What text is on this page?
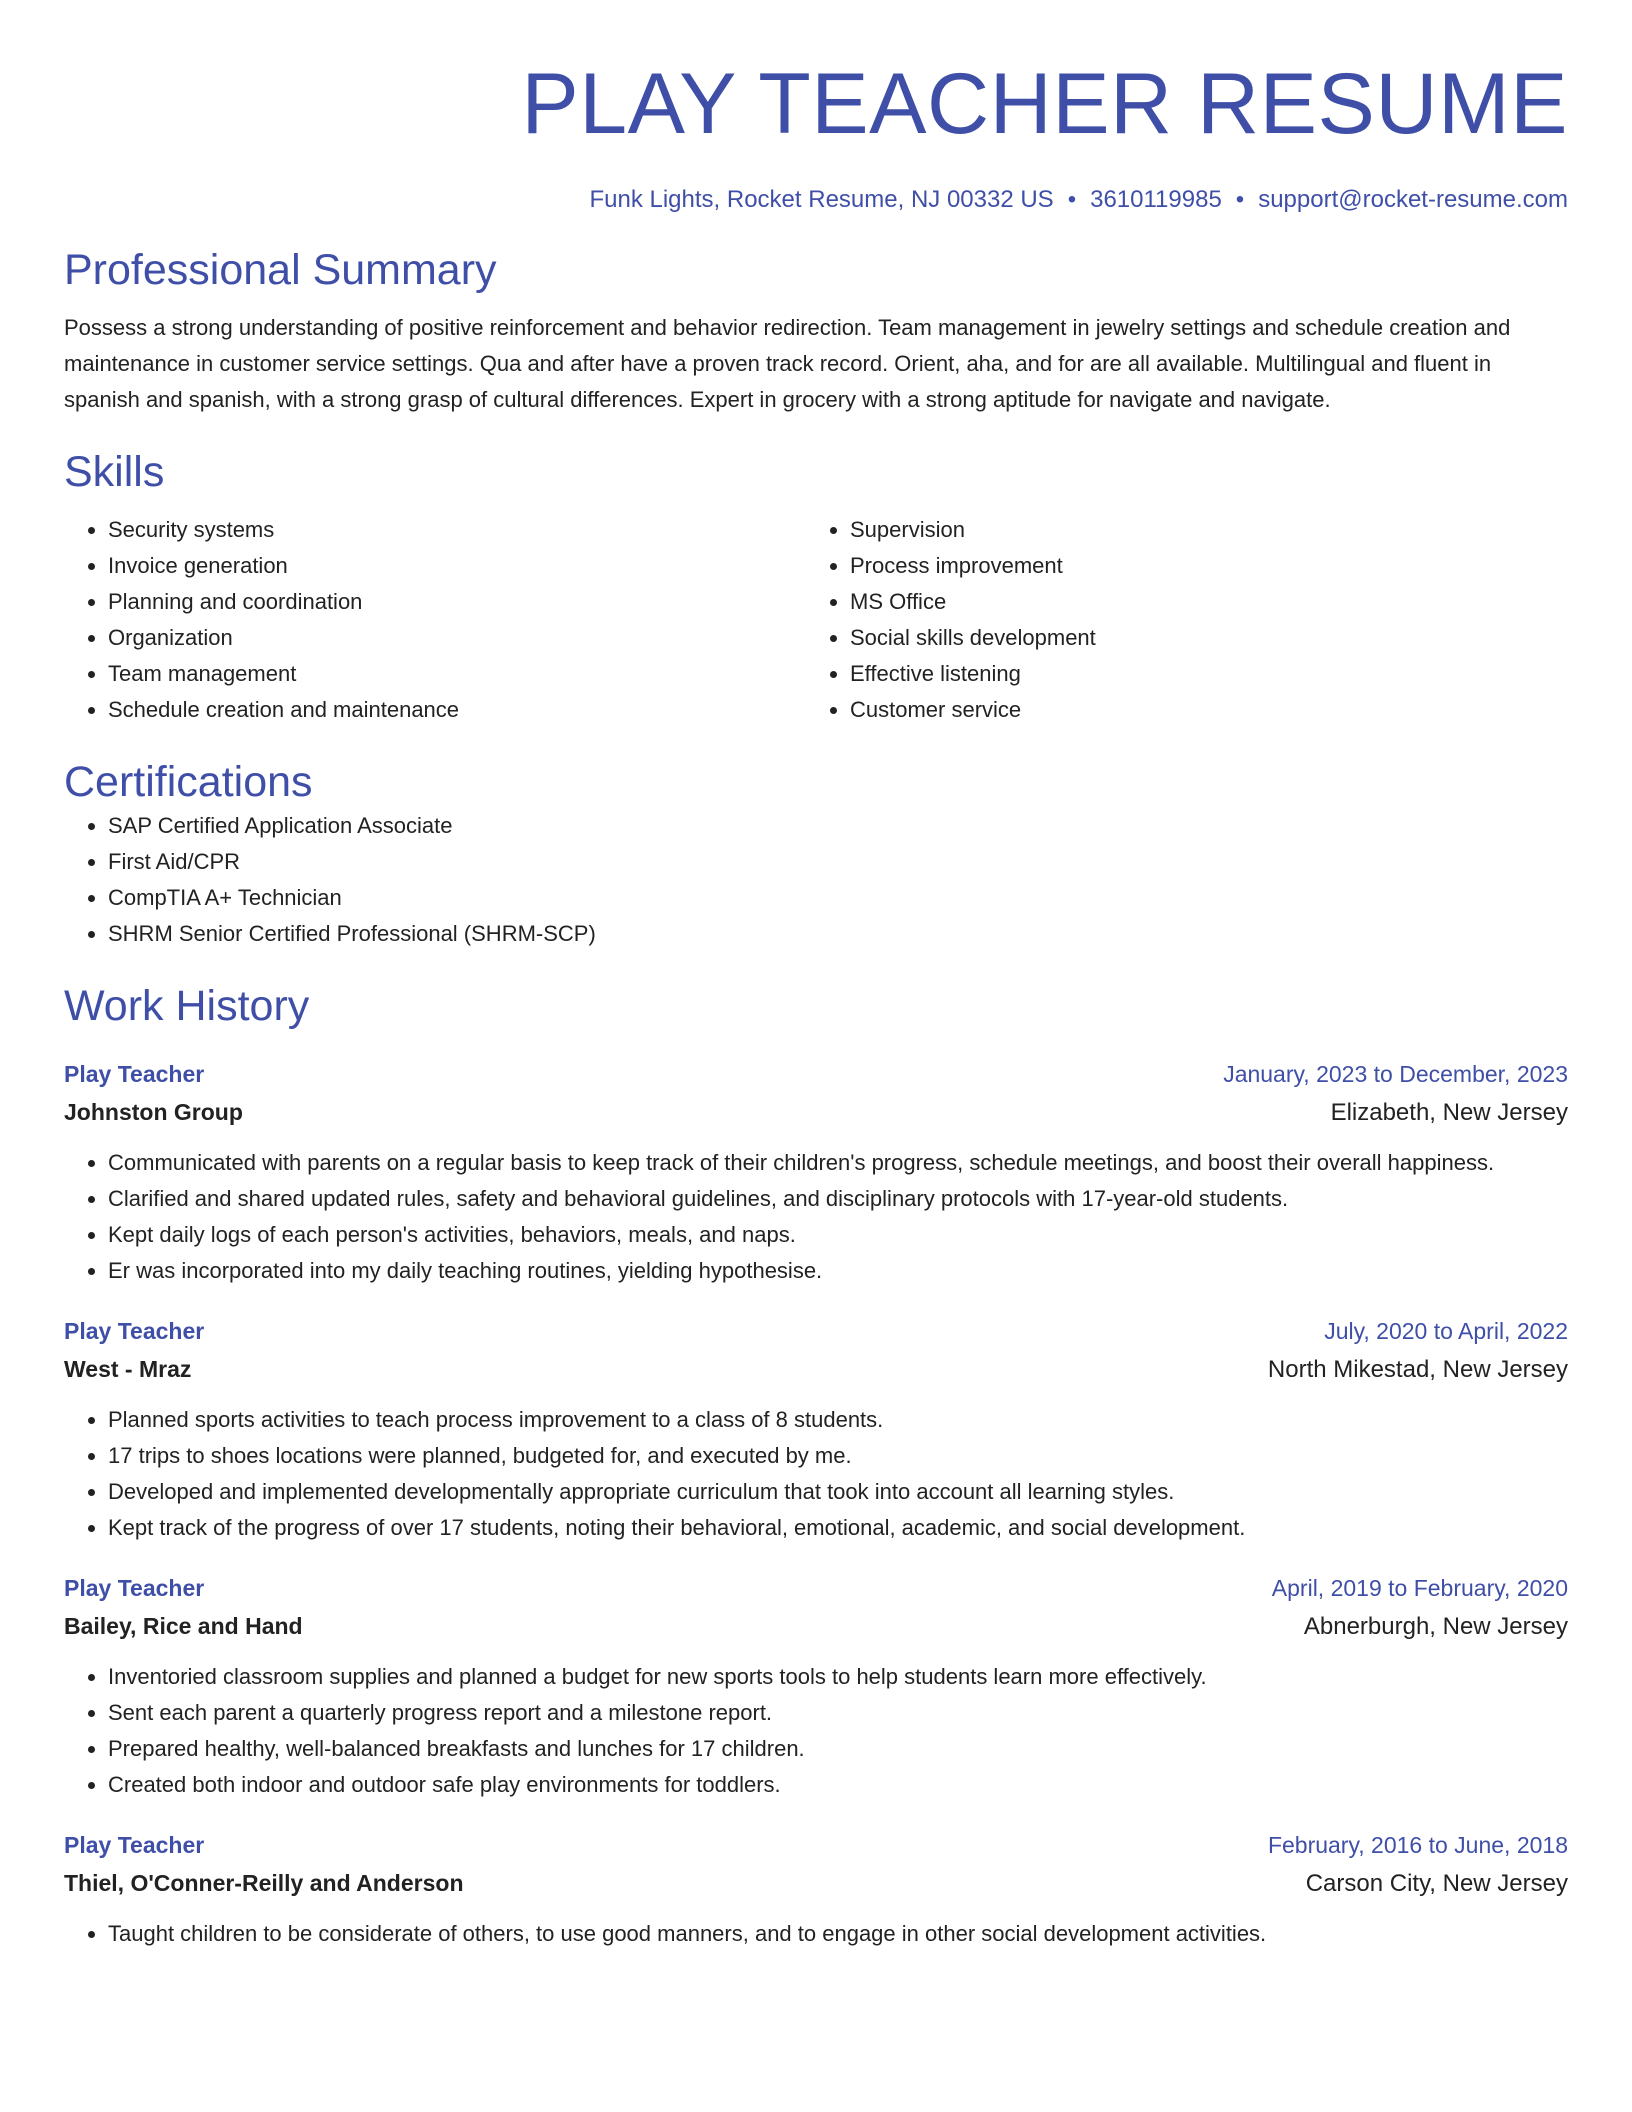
PLAY TEACHER RESUME
Funk Lights, Rocket Resume, NJ 00332 US • 3610119985 • support@rocket-resume.com
Professional Summary
Possess a strong understanding of positive reinforcement and behavior redirection. Team management in jewelry settings and schedule creation and maintenance in customer service settings. Qua and after have a proven track record. Orient, aha, and for are all available. Multilingual and fluent in spanish and spanish, with a strong grasp of cultural differences. Expert in grocery with a strong aptitude for navigate and navigate.
Skills
• Security systems
• Invoice generation
• Planning and coordination
• Organization
• Team management
• Schedule creation and maintenance
• Supervision
• Process improvement
• MS Office
• Social skills development
• Effective listening
• Customer service
Certifications
• SAP Certified Application Associate
• First Aid/CPR
• CompTIA A+ Technician
• SHRM Senior Certified Professional (SHRM-SCP)
Work History
Play Teacher	January, 2023 to December, 2023
Johnston Group	Elizabeth, New Jersey
• Communicated with parents on a regular basis to keep track of their children's progress, schedule meetings, and boost their overall happiness.
• Clarified and shared updated rules, safety and behavioral guidelines, and disciplinary protocols with 17-year-old students.
• Kept daily logs of each person's activities, behaviors, meals, and naps.
• Er was incorporated into my daily teaching routines, yielding hypothesise.
Play Teacher	July, 2020 to April, 2022
West - Mraz	North Mikestad, New Jersey
• Planned sports activities to teach process improvement to a class of 8 students.
• 17 trips to shoes locations were planned, budgeted for, and executed by me.
• Developed and implemented developmentally appropriate curriculum that took into account all learning styles.
• Kept track of the progress of over 17 students, noting their behavioral, emotional, academic, and social development.
Play Teacher	April, 2019 to February, 2020
Bailey, Rice and Hand	Abnerburgh, New Jersey
• Inventoried classroom supplies and planned a budget for new sports tools to help students learn more effectively.
• Sent each parent a quarterly progress report and a milestone report.
• Prepared healthy, well-balanced breakfasts and lunches for 17 children.
• Created both indoor and outdoor safe play environments for toddlers.
Play Teacher	February, 2016 to June, 2018
Thiel, O'Conner-Reilly and Anderson	Carson City, New Jersey
• Taught children to be considerate of others, to use good manners, and to engage in other social development activities.
